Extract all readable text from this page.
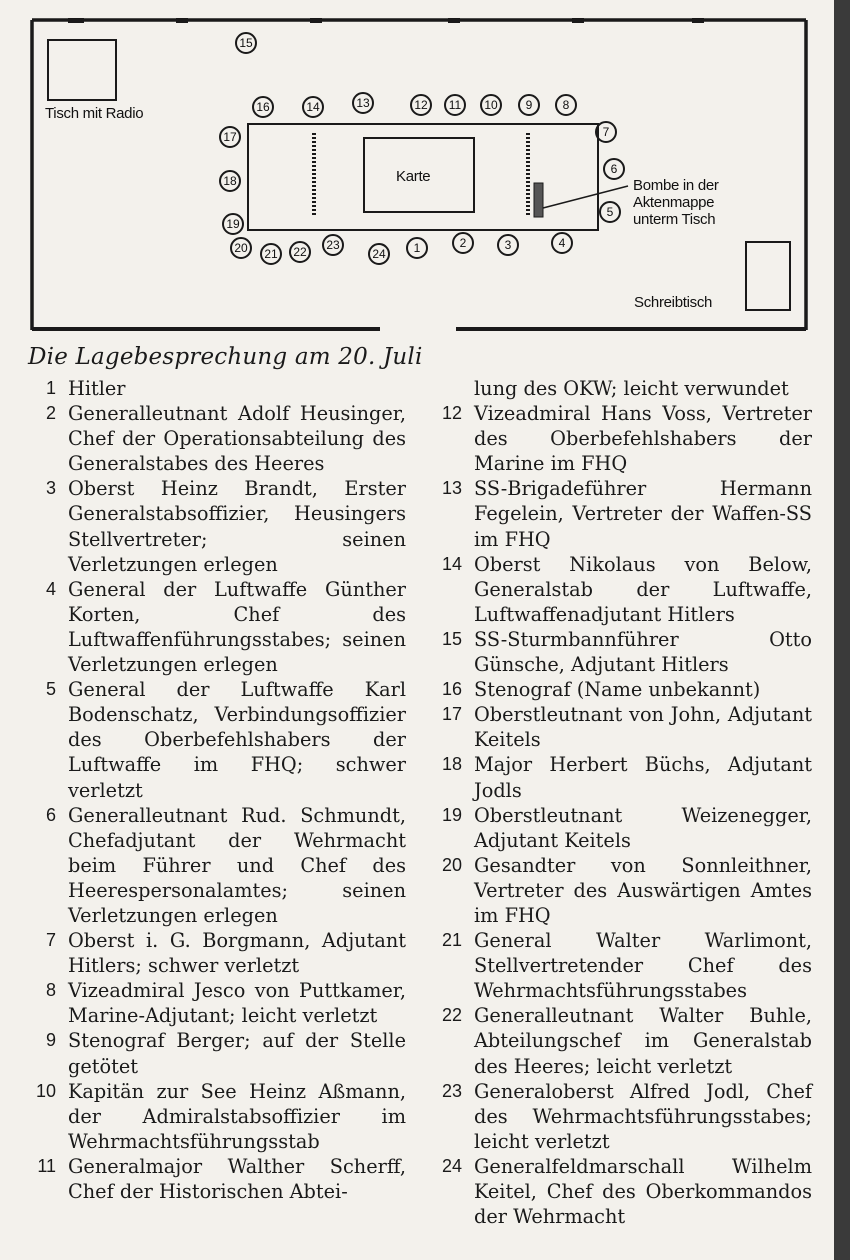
Tisch mit Radio
Karte
Bombe in der Aktenmappe unterm Tisch
Schreibtisch
1	2	3	4
5
6
7
8
9
10
11
12
13
14
15
16
17
18
19
20 21 22 23
24
Die Lagebesprechung am 20. Juli
1 Hitler
2 Generalleutnant Adolf Heusinger, Chef der Operationsabteilung des Generalstabes des Heeres
3 Oberst Heinz Brandt, Erster Generalstabsoffizier, Heusingers Stellvertreter; seinen Verletzungen erlegen
4 General der Luftwaffe Günther Korten, Chef des Luftwaffenführungsstabes; seinen Verletzungen erlegen
5 General der Luftwaffe Karl Bodenschatz, Verbindungsoffizier des Oberbefehlshabers der Luftwaffe im FHQ; schwer verletzt
6 Generalleutnant Rud. Schmundt, Chefadjutant der Wehrmacht beim Führer und Chef des Heerespersonalamtes; seinen Verletzungen erlegen
7 Oberst i. G. Borgmann, Adjutant Hitlers; schwer verletzt
8 Vizeadmiral Jesco von Puttkamer, Marine-Adjutant; leicht verletzt
9 Stenograf Berger; auf der Stelle getötet
10 Kapitän zur See Heinz Aßmann, der Admiralstabsoffizier im Wehrmachtsführungsstab
11 Generalmajor Walther Scherff, Chef der Historischen Abtei-
lung des OKW; leicht verwundet
12 Vizeadmiral Hans Voss, Vertreter des Oberbefehlshabers der Marine im FHQ
13 SS-Brigadeführer Hermann Fegelein, Vertreter der Waffen-SS im FHQ
14 Oberst Nikolaus von Below, Generalstab der Luftwaffe, Luftwaffenadjutant Hitlers
15 SS-Sturmbannführer Otto Günsche, Adjutant Hitlers
16 Stenograf (Name unbekannt)
17 Oberstleutnant von John, Adjutant Keitels
18 Major Herbert Büchs, Adjutant Jodls
19 Oberstleutnant Weizenegger, Adjutant Keitels
20 Gesandter von Sonnleithner, Vertreter des Auswärtigen Amtes im FHQ
21 General Walter Warlimont, Stellvertretender Chef des Wehrmachtsführungsstabes
22 Generalleutnant Walter Buhle, Abteilungschef im Generalstab des Heeres; leicht verletzt
23 Generaloberst Alfred Jodl, Chef des Wehrmachtsführungsstabes; leicht verletzt
24 Generalfeldmarschall Wilhelm Keitel, Chef des Oberkommandos der Wehrmacht
